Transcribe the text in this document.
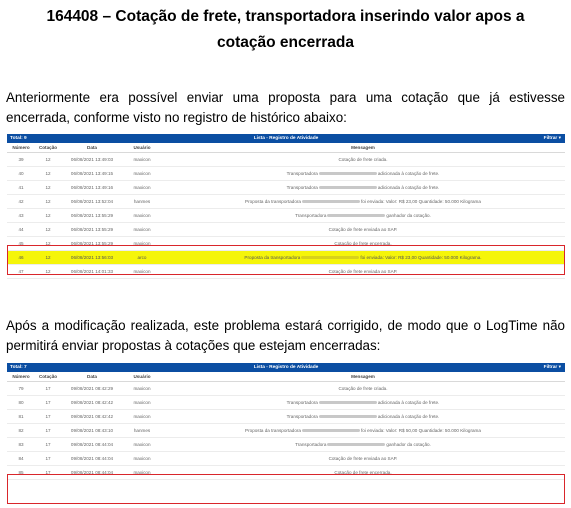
164408 – Cotação de frete, transportadora inserindo valor apos a
cotação encerrada
Anteriormente era possível enviar uma proposta para uma cotação que já estivesse encerrada, conforme visto no registro de histórico abaixo:
Total: 9	Lista - Registro de Atividade	Filtrar ▾
Número	Cotação	Data	Usuário	Mensagem
39	12	06/08/2021 13:49:03	maxicon	Cotação de frete criada.
40	12	06/08/2021 13:49:15	maxicon	Transportadora adicionada à cotação de frete.
41	12	06/08/2021 13:49:16	maxicon	Transportadora adicionada à cotação de frete.
42	12	06/08/2021 13:52:04	hanmes	Proposta da transportadora foi enviada: Valor: R$ 23,00 Quantidade: 50.000 Kilograma
43	12	06/08/2021 13:55:29	maxicon	Transportadora ganhador da cotação.
44	12	06/08/2021 13:55:29	maxicon	Cotação de frete enviada ao SAP.
45	12	06/08/2021 13:55:29	maxicon	Cotação de frete encerrada.
46	12	06/08/2021 13:56:03	arco	Proposta da transportadora foi enviada: Valor: R$ 23,00 Quantidade: 50.000 Kilograma.
47	12	06/08/2021 14:01:33	maxicon	Cotação de frete enviada ao SAP.
Após a modificação realizada, este problema estará corrigido, de modo que o LogTime não permitirá enviar propostas à cotações que estejam encerradas:
Total: 7	Lista - Registro de Atividade	Filtrar ▾
Número	Cotação	Data	Usuário	Mensagem
79	17	09/08/2021 08:42:29	maxicon	Cotação de frete criada.
80	17	09/08/2021 08:42:42	maxicon	Transportadora adicionada à cotação de frete.
81	17	09/08/2021 08:42:42	maxicon	Transportadora adicionada à cotação de frete.
82	17	09/08/2021 08:43:10	hanmes	Proposta da transportadora foi enviada: Valor: R$ 50,00 Quantidade: 50.000 Kilograma
83	17	09/08/2021 08:44:04	maxicon	Transportadora ganhador da cotação.
84	17	09/08/2021 08:44:04	maxicon	Cotação de frete enviada ao SAP.
85	17	09/08/2021 08:44:04	maxicon	Cotação de frete encerrada.
